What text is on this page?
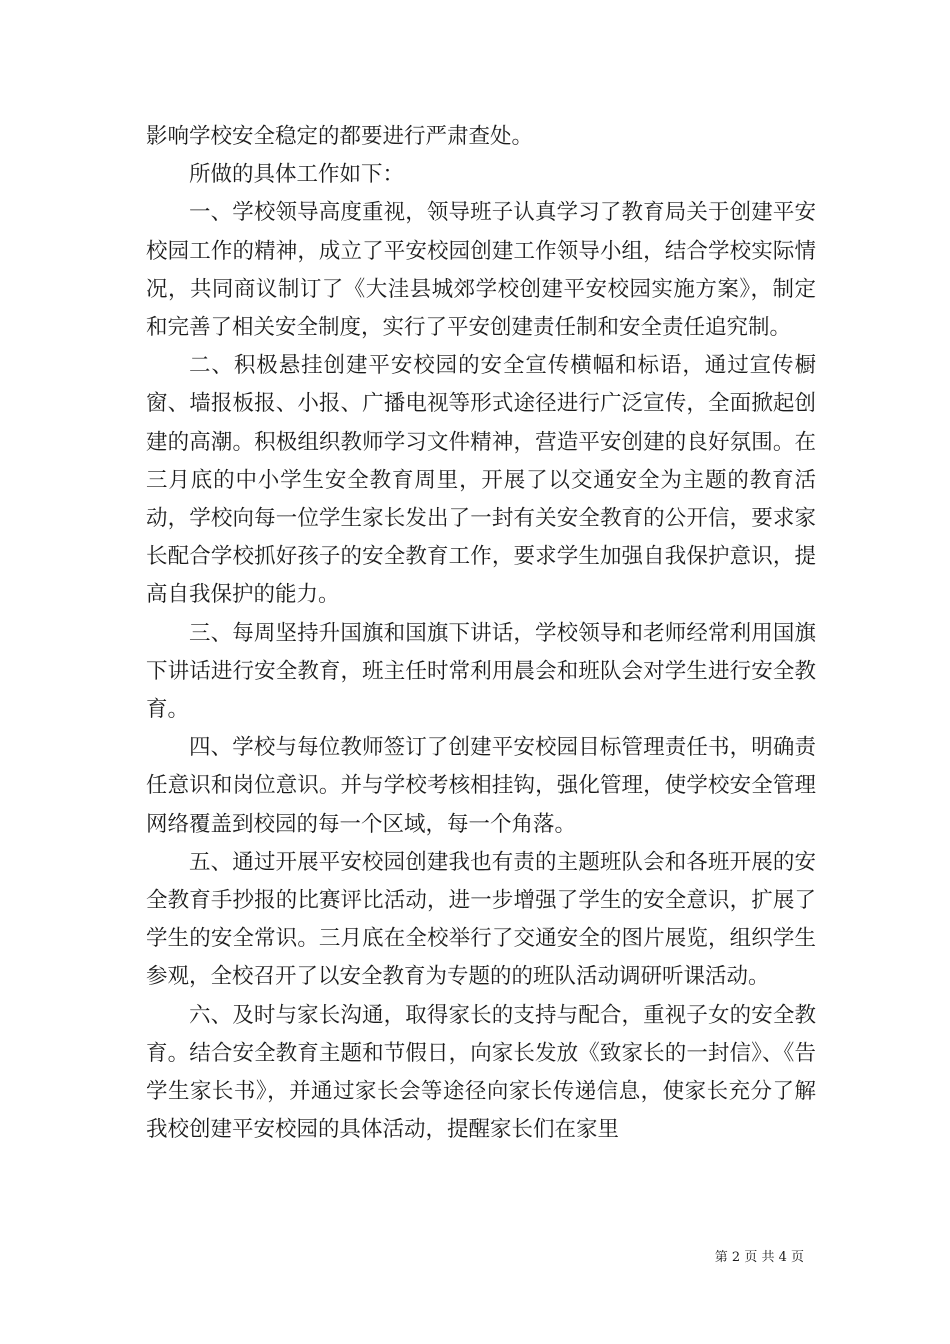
影响学校安全稳定的都要进行严肃查处。

所做的具体工作如下：

一、学校领导高度重视，领导班子认真学习了教育局关于创建平安校园工作的精神，成立了平安校园创建工作领导小组，结合学校实际情况，共同商议制订了《大洼县城郊学校创建平安校园实施方案》，制定和完善了相关安全制度，实行了平安创建责任制和安全责任追究制。

二、积极悬挂创建平安校园的安全宣传横幅和标语，通过宣传橱窗、墙报板报、小报、广播电视等形式途径进行广泛宣传，全面掀起创建的高潮。积极组织教师学习文件精神，营造平安创建的良好氛围。在三月底的中小学生安全教育周里，开展了以交通安全为主题的教育活动，学校向每一位学生家长发出了一封有关安全教育的公开信，要求家长配合学校抓好孩子的安全教育工作，要求学生加强自我保护意识，提高自我保护的能力。

三、每周坚持升国旗和国旗下讲话，学校领导和老师经常利用国旗下讲话进行安全教育，班主任时常利用晨会和班队会对学生进行安全教育。

四、学校与每位教师签订了创建平安校园目标管理责任书，明确责任意识和岗位意识。并与学校考核相挂钩，强化管理，使学校安全管理网络覆盖到校园的每一个区域，每一个角落。

五、通过开展平安校园创建我也有责的主题班队会和各班开展的安全教育手抄报的比赛评比活动，进一步增强了学生的安全意识，扩展了学生的安全常识。三月底在全校举行了交通安全的图片展览，组织学生参观，全校召开了以安全教育为专题的的班队活动调研听课活动。

六、及时与家长沟通，取得家长的支持与配合，重视子女的安全教育。结合安全教育主题和节假日，向家长发放《致家长的一封信》、《告学生家长书》，并通过家长会等途径向家长传递信息，使家长充分了解我校创建平安校园的具体活动，提醒家长们在家里

第 2 页 共 4 页
